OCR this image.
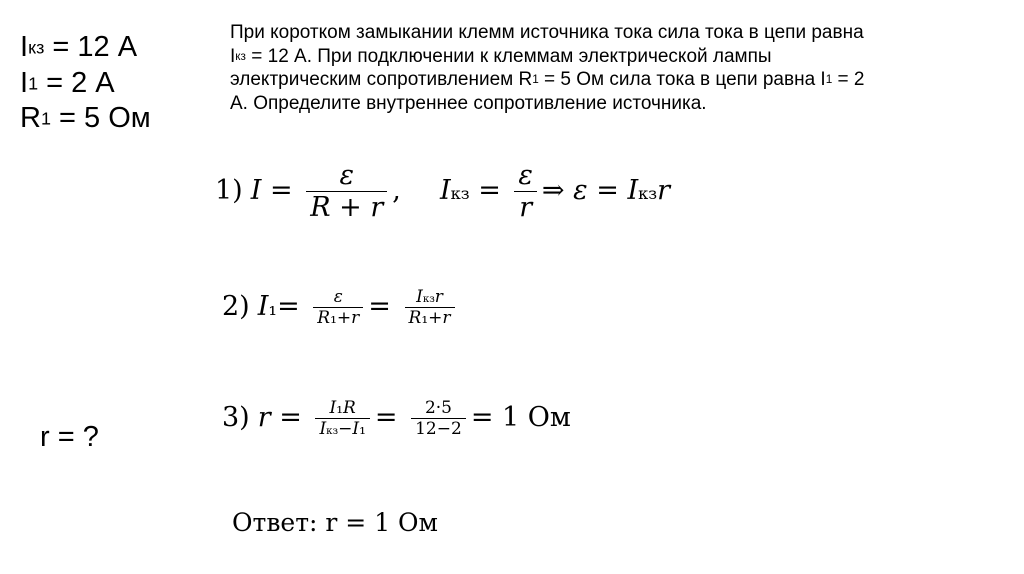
$I_{кз} = 12$ А
$I_1 = 2$ А
$R_1 = 5$ Ом
r = ?
При коротком замыкании клемм источника тока сила тока в цепи равна $I_{кз} = 12$ А. При подключении к клеммам электрической лампы электрическим сопротивлением $R_1 = 5$ Ом сила тока в цепи равна $I_1 = 2$ А. Определите внутреннее сопротивление источника.
1) $I = \frac{\varepsilon}{R + r}$ , Iкз = $\frac{\varepsilon}{r}$ ⇒ ε = Iкзr
2) $I_1= \frac{\varepsilon}{\text{R₁+r}} = \frac{\text{Iкзr}}{\text{R₁+r}}$
3) $r = \frac{\text{I₁R}}{\text{Iкз−I₁}} = \frac{2\cdot 5}{12-2} = 1$ Ом
Ответ: r = 1 Ом
